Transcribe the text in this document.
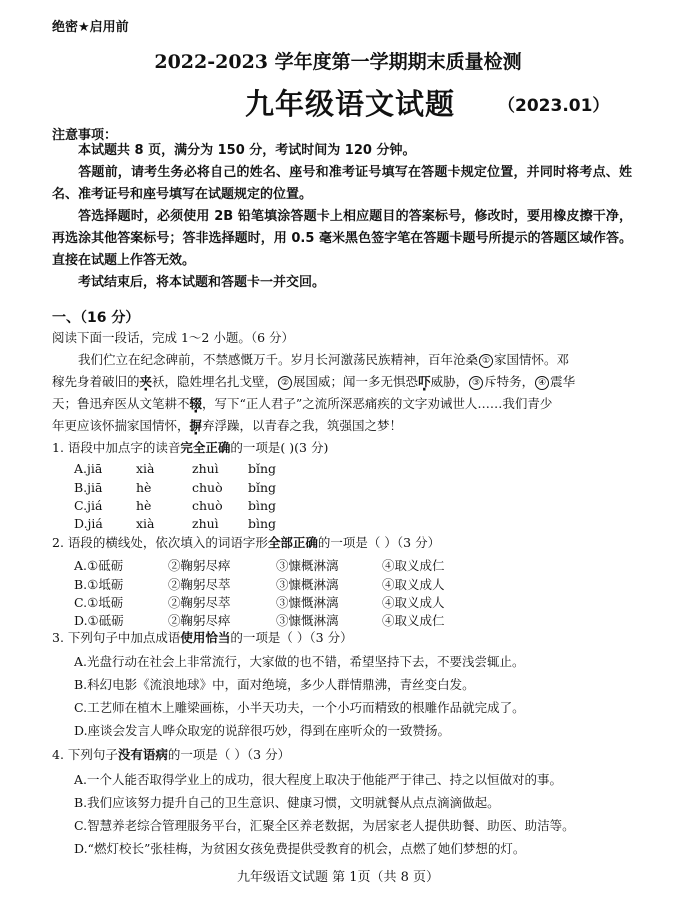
绝密★启用前
2022-2023 学年度第一学期期末质量检测
九年级语文试题	（2023.01）
注意事项：
本试题共 8 页，满分为 150 分，考试时间为 120 分钟。
答题前，请考生务必将自己的姓名、座号和准考证号填写在答题卡规定位置，并同时将考点、姓名、准考证号和座号填写在试题规定的位置。
答选择题时，必须使用 2B 铅笔填涂答题卡上相应题目的答案标号，修改时，要用橡皮擦干净，再选涂其他答案标号；答非选择题时，用 0.5 毫米黑色签字笔在答题卡题号所提示的答题区域作答。直接在试题上作答无效。
考试结束后，将本试题和答题卡一并交回。
一、（16 分）
阅读下面一段话，完成 1～2 小题。（6 分）
我们伫立在纪念碑前，不禁感慨万千。岁月长河激荡民族精神，百年沧桑 ① 家国情怀。邓
稼先身着破旧的夹袄，隐姓埋名扎戈壁， ② 展国威；闻一多无惧恐吓威胁， ③ 斥特务， ④ 震华
天；鲁迅弃医从文笔耕不辍，写下“正人君子”之流所深恶痛疾的文字劝诫世人……我们青少
年更应该怀揣家国情怀，摒弃浮躁，以青春之我，筑强国之梦！
1. 语段中加点字的读音完全正确的一项是( )(3 分)
A.jiā	xià	zhuì bǐng
B.jiā	hè	chuò bǐng
C.jiá	hè	chuò bìng
D.jiá	xià	zhuì bìng
2. 语段的横线处，依次填入的词语字形全部正确的一项是（ ）（3 分）
A.①砥砺	②鞠躬尽瘁	③慷概淋漓	④取义成仁
B.①坻砺	②鞠躬尽萃	③慷概淋漓	④取义成人
C.①坻砺	②鞠躬尽萃	③慷慨淋漓	④取义成人
D.①砥砺	②鞠躬尽瘁	③慷慨淋漓	④取义成仁
3. 下列句子中加点成语使用恰当的一项是（ ）（3 分）
A.光盘行动在社会上非常流行，大家做的也不错，希望坚持下去，不要浅尝辄止。
B.科幻电影《流浪地球》中，面对绝境，多少人群情鼎沸，青丝变白发。
C.工艺师在植木上雕梁画栋，小半天功夫，一个小巧而精致的根雕作品就完成了。
D.座谈会发言人哗众取宠的说辞很巧妙，得到在座听众的一致赞扬。
4. 下列句子没有语病的一项是（ ）（3 分）
A.一个人能否取得学业上的成功，很大程度上取决于他能严于律己、持之以恒做对的事。
B.我们应该努力提升自己的卫生意识、健康习惯，文明就餐从点点滴滴做起。
C.智慧养老综合管理服务平台，汇聚全区养老数据，为居家老人提供助餐、助医、助洁等。
D.“燃灯校长”张桂梅，为贫困女孩免费提供受教育的机会，点燃了她们梦想的灯。
九年级语文试题 第 1页（共 8 页）
